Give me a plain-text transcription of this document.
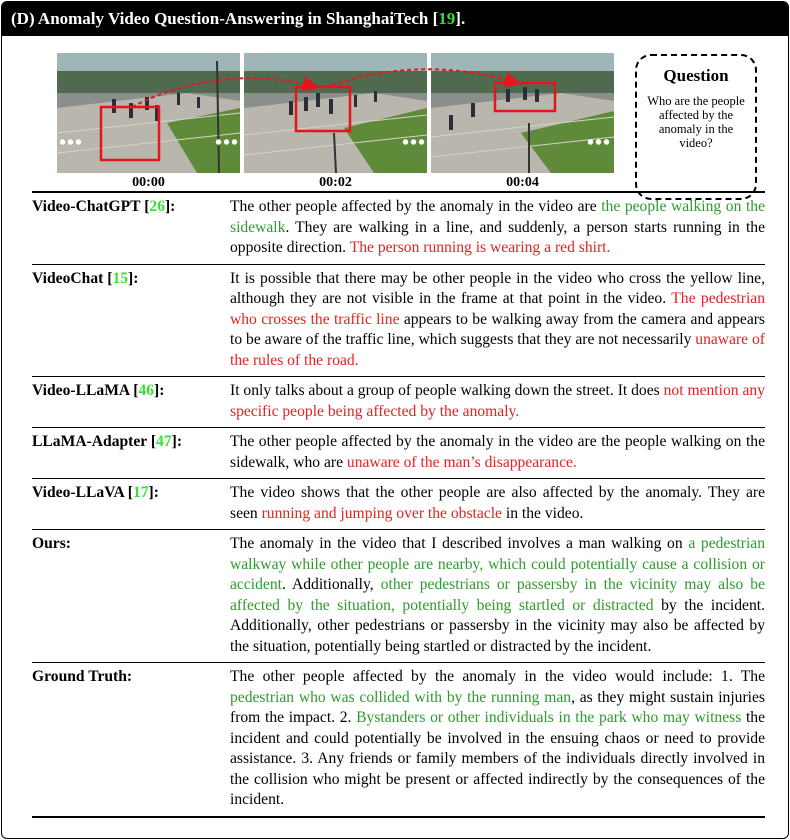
(D) Anomaly Video Question-Answering in ShanghaiTech [19].
•••	•••	•••	•••
00:00	00:02	00:04
Question
Who are the people affected by the anomaly in the video?
Video-ChatGPT [26]:	The other people affected by the anomaly in the video are the people walking on the sidewalk. They are walking in a line, and suddenly, a person starts running in the opposite direction. The person running is wearing a red shirt.
VideoChat [15]:	It is possible that there may be other people in the video who cross the yellow line, although they are not visible in the frame at that point in the video. The pedestrian who crosses the traffic line appears to be walking away from the camera and appears to be aware of the traffic line, which suggests that they are not necessarily unaware of the rules of the road.
Video-LLaMA [46]:	It only talks about a group of people walking down the street. It does not mention any specific people being affected by the anomaly.
LLaMA-Adapter [47]:	The other people affected by the anomaly in the video are the people walking on the sidewalk, who are unaware of the man’s disappearance.
Video-LLaVA [17]:	The video shows that the other people are also affected by the anomaly. They are seen running and jumping over the obstacle in the video.
Ours:	The anomaly in the video that I described involves a man walking on a pedestrian walkway while other people are nearby, which could potentially cause a collision or accident. Additionally, other pedestrians or passersby in the vicinity may also be affected by the situation, potentially being startled or distracted by the incident. Additionally, other pedestrians or passersby in the vicinity may also be affected by the situation, potentially being startled or distracted by the incident.
Ground Truth:	The other people affected by the anomaly in the video would include: 1. The pedestrian who was collided with by the running man, as they might sustain injuries from the impact. 2. Bystanders or other individuals in the park who may witness the incident and could potentially be involved in the ensuing chaos or need to provide assistance. 3. Any friends or family members of the individuals directly involved in the collision who might be present or affected indirectly by the consequences of the incident.
